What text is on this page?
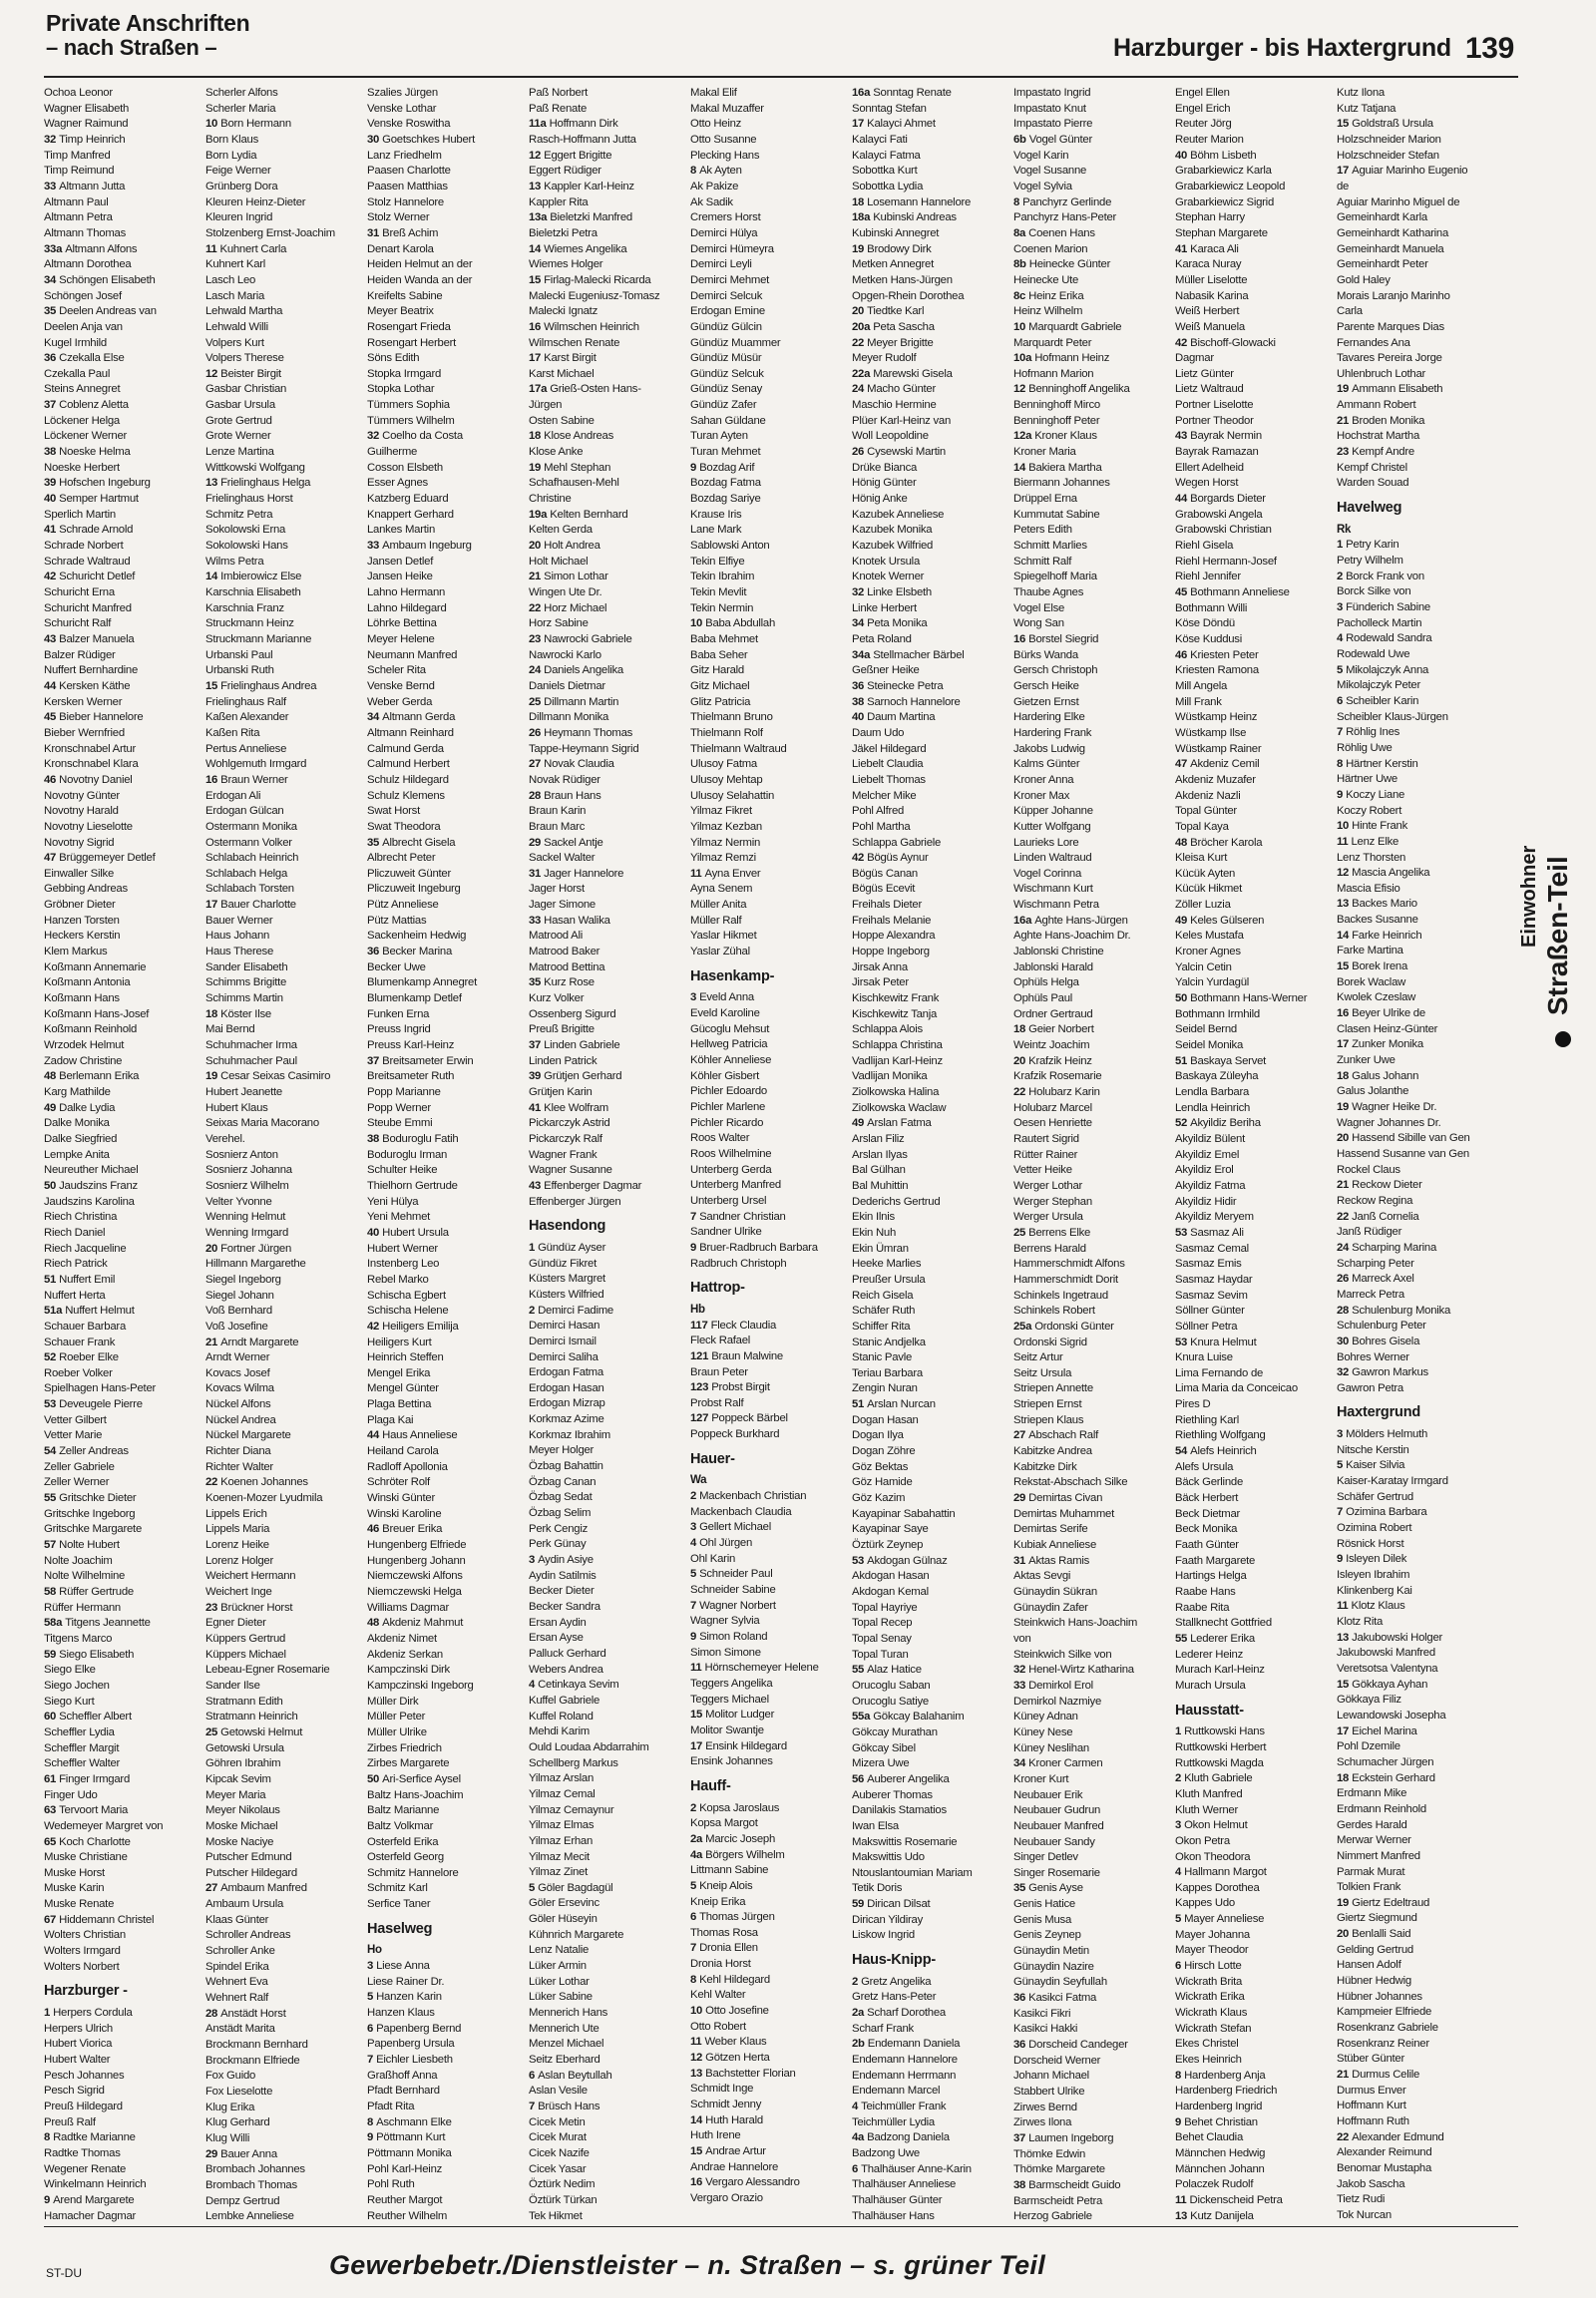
Private Anschriften
– nach Straßen –	Harzburger - bis Haxtergrund 139
Ochoa Leonor
Wagner Elisabeth
Wagner Raimund
32 Timp Heinrich
Timp Manfred
Timp Reimund
33 Altmann Jutta
Altmann Paul
Altmann Petra
Altmann Thomas
33a Altmann Alfons
Altmann Dorothea
34 Schöngen Elisabeth
Schöngen Josef
35 Deelen Andreas van
Deelen Anja van
Kugel Irmhild
36 Czekalla Else
Czekalla Paul
Steins Annegret
37 Coblenz Aletta
Löckener Helga
Löckener Werner
38 Noeske Helma
Noeske Herbert
39 Hofschen Ingeburg
40 Semper Hartmut
Sperlich Martin
41 Schrade Arnold
Schrade Norbert
Schrade Waltraud
42 Schuricht Detlef
Schuricht Erna
Schuricht Manfred
Schuricht Ralf
43 Balzer Manuela
Balzer Rüdiger
Nuffert Bernhardine
44 Kersken Käthe
Kersken Werner
45 Bieber Hannelore
Bieber Wernfried
Kronschnabel Artur
Kronschnabel Klara
46 Novotny Daniel
Novotny Günter
Novotny Harald
Novotny Lieselotte
Novotny Sigrid
47 Brüggemeyer Detlef
Einwaller Silke
Gebbing Andreas
Gröbner Dieter
Hanzen Torsten
Heckers Kerstin
Klem Markus
Koßmann Annemarie
Koßmann Antonia
Koßmann Hans
Koßmann Hans-Josef
Koßmann Reinhold
Wrzodek Helmut
Zadow Christine
48 Berlemann Erika
Karg Mathilde
49 Dalke Lydia
Dalke Monika
Dalke Siegfried
Lempke Anita
Neureuther Michael
50 Jaudszins Franz
Jaudszins Karolina
Riech Christina
Riech Daniel
Riech Jacqueline
Riech Patrick
51 Nuffert Emil
Nuffert Herta
51a Nuffert Helmut
Schauer Barbara
Schauer Frank
52 Roeber Elke
Roeber Volker
Spielhagen Hans-Peter
53 Deveugele Pierre
Vetter Gilbert
Vetter Marie
54 Zeller Andreas
Zeller Gabriele
Zeller Werner
55 Gritschke Dieter
Gritschke Ingeborg
Gritschke Margarete
57 Nolte Hubert
Nolte Joachim
Nolte Wilhelmine
58 Rüffer Gertrude
Rüffer Hermann
58a Titgens Jeannette
Titgens Marco
59 Siego Elisabeth
Siego Elke
Siego Jochen
Siego Kurt
60 Scheffler Albert
Scheffler Lydia
Scheffler Margit
Scheffler Walter
61 Finger Irmgard
Finger Udo
63 Tervoort Maria
Wedemeyer Margret von
65 Koch Charlotte
Muske Christiane
Muske Horst
Muske Karin
Muske Renate
67 Hiddemann Christel
Wolters Christian
Wolters Irmgard
Wolters Norbert
Harzburger -
1 Herpers Cordula
Herpers Ulrich
Hubert Viorica
Hubert Walter
Pesch Johannes
Pesch Sigrid
Preuß Hildegard
Preuß Ralf
8 Radtke Marianne
Radtke Thomas
Wegener Renate
Winkelmann Heinrich
9 Arend Margarete
Hamacher Dagmar
Scherler Alfons
Scherler Maria
10 Born Hermann
Born Klaus
Born Lydia
Feige Werner
Grünberg Dora
Kleuren Heinz-Dieter
Kleuren Ingrid
Stolzenberg Ernst-Joachim
11 Kuhnert Carla
Kuhnert Karl
Lasch Leo
Lasch Maria
Lehwald Martha
Lehwald Willi
Volpers Kurt
Volpers Therese
12 Beister Birgit
Gasbar Christian
Gasbar Ursula
Grote Gertrud
Grote Werner
Lenze Martina
Wittkowski Wolfgang
13 Frielinghaus Helga
Frielinghaus Horst
Schmitz Petra
Sokolowski Erna
Sokolowski Hans
Wilms Petra
14 Imbierowicz Else
Karschnia Elisabeth
Karschnia Franz
Struckmann Heinz
Struckmann Marianne
Urbanski Paul
Urbanski Ruth
15 Frielinghaus Andrea
Frielinghaus Ralf
Kaßen Alexander
Kaßen Rita
Pertus Anneliese
Wohlgemuth Irmgard
16 Braun Werner
Erdogan Ali
Erdogan Gülcan
Ostermann Monika
Ostermann Volker
Schlabach Heinrich
Schlabach Helga
Schlabach Torsten
17 Bauer Charlotte
Bauer Werner
Haus Johann
Haus Therese
Sander Elisabeth
Schimms Brigitte
Schimms Martin
18 Köster Ilse
Mai Bernd
Schuhmacher Irma
Schuhmacher Paul
19 Cesar Seixas Casimiro
Hubert Jeanette
Hubert Klaus
Seixas Maria Macorano
Verehel.
Sosnierz Anton
Sosnierz Johanna
Sosnierz Wilhelm
Velter Yvonne
Wenning Helmut
Wenning Irmgard
20 Fortner Jürgen
Hillmann Margarethe
Siegel Ingeborg
Siegel Johann
Voß Bernhard
Voß Josefine
21 Arndt Margarete
Arndt Werner
Kovacs Josef
Kovacs Wilma
Nückel Alfons
Nückel Andrea
Nückel Margarete
Richter Diana
Richter Walter
22 Koenen Johannes
Koenen-Mozer Lyudmila
Lippels Erich
Lippels Maria
Lorenz Heike
Lorenz Holger
Weichert Hermann
Weichert Inge
23 Brückner Horst
Egner Dieter
Küppers Gertrud
Küppers Michael
Lebeau-Egner Rosemarie
Sander Ilse
Stratmann Edith
Stratmann Heinrich
25 Getowski Helmut
Getowski Ursula
Göhren Ibrahim
Kipcak Sevim
Meyer Maria
Meyer Nikolaus
Moske Michael
Moske Naciye
Putscher Edmund
Putscher Hildegard
27 Ambaum Manfred
Ambaum Ursula
Klaas Günter
Schroller Andreas
Schroller Anke
Spindel Erika
Wehnert Eva
Wehnert Ralf
28 Anstädt Horst
Anstädt Marita
Brockmann Bernhard
Brockmann Elfriede
Fox Guido
Fox Lieselotte
Klug Erika
Klug Gerhard
Klug Willi
29 Bauer Anna
Brombach Johannes
Brombach Thomas
Dempz Gertrud
Lembke Anneliese
Szalies Jürgen
Venske Lothar
Venske Roswitha
30 Goetschkes Hubert
Lanz Friedhelm
Paasen Charlotte
Paasen Matthias
Stolz Hannelore
Stolz Werner
31 Breß Achim
Denart Karola
Heiden Helmut an der
Heiden Wanda an der
Kreifelts Sabine
Meyer Beatrix
Rosengart Frieda
Rosengart Herbert
Söns Edith
Stopka Irmgard
Stopka Lothar
Tümmers Sophia
Tümmers Wilhelm
32 Coelho da Costa
Guilherme
Cosson Elsbeth
Esser Agnes
Katzberg Eduard
Knappert Gerhard
Lankes Martin
33 Ambaum Ingeburg
Jansen Detlef
Jansen Heike
Lahno Hermann
Lahno Hildegard
Löhrke Bettina
Meyer Helene
Neumann Manfred
Scheler Rita
Venske Bernd
Weber Gerda
34 Altmann Gerda
Altmann Reinhard
Calmund Gerda
Calmund Herbert
Schulz Hildegard
Schulz Klemens
Swat Horst
Swat Theodora
35 Albrecht Gisela
Albrecht Peter
Pliczuweit Günter
Pliczuweit Ingeburg
Pütz Anneliese
Pütz Mattias
Sackenheim Hedwig
36 Becker Marina
Becker Uwe
Blumenkamp Annegret
Blumenkamp Detlef
Funken Erna
Preuss Ingrid
Preuss Karl-Heinz
37 Breitsameter Erwin
Breitsameter Ruth
Popp Marianne
Popp Werner
Steube Emmi
38 Boduroglu Fatih
Boduroglu Irman
Schulter Heike
Thielhorn Gertrude
Yeni Hülya
Yeni Mehmet
40 Hubert Ursula
Hubert Werner
Instenberg Leo
Rebel Marko
Schischa Egbert
Schischa Helene
42 Heiligers Emilija
Heiligers Kurt
Heinrich Steffen
Mengel Erika
Mengel Günter
Plaga Bettina
Plaga Kai
44 Haus Anneliese
Heiland Carola
Radloff Apollonia
Schröter Rolf
Winski Günter
Winski Karoline
46 Breuer Erika
Hungenberg Elfriede
Hungenberg Johann
Niemczewski Alfons
Niemczewski Helga
Williams Dagmar
48 Akdeniz Mahmut
Akdeniz Nimet
Akdeniz Serkan
Kampczinski Dirk
Kampczinski Ingeborg
Müller Dirk
Müller Peter
Müller Ulrike
Zirbes Friedrich
Zirbes Margarete
50 Ari-Serfice Aysel
Baltz Hans-Joachim
Baltz Marianne
Baltz Volkmar
Osterfeld Erika
Osterfeld Georg
Schmitz Hannelore
Schmitz Karl
Serfice Taner
Haselweg
Ho
3 Liese Anna
Liese Rainer Dr.
5 Hanzen Karin
Hanzen Klaus
6 Papenberg Bernd
Papenberg Ursula
7 Eichler Liesbeth
Graßhoff Anna
Pfadt Bernhard
Pfadt Rita
8 Aschmann Elke
9 Pöttmann Kurt
Pöttmann Monika
Pohl Karl-Heinz
Pohl Ruth
Reuther Margot
Reuther Wilhelm
Paß Norbert
Paß Renate
11a Hoffmann Dirk
Rasch-Hoffmann Jutta
12 Eggert Brigitte
Eggert Rüdiger
13 Kappler Karl-Heinz
Kappler Rita
13a Bieletzki Manfred
Bieletzki Petra
14 Wiemes Angelika
Wiemes Holger
15 Firlag-Malecki Ricarda
Malecki Eugeniusz-Tomasz
Malecki Ignatz
16 Wilmschen Heinrich
Wilmschen Renate
17 Karst Birgit
Karst Michael
17a Grieß-Osten Hans-
Jürgen
Osten Sabine
18 Klose Andreas
Klose Anke
19 Mehl Stephan
Schafhausen-Mehl
Christine
19a Kelten Bernhard
Kelten Gerda
20 Holt Andrea
Holt Michael
21 Simon Lothar
Wingen Ute Dr.
22 Horz Michael
Horz Sabine
23 Nawrocki Gabriele
Nawrocki Karlo
24 Daniels Angelika
Daniels Dietmar
25 Dillmann Martin
Dillmann Monika
26 Heymann Thomas
Tappe-Heymann Sigrid
27 Novak Claudia
Novak Rüdiger
28 Braun Hans
Braun Karin
Braun Marc
29 Sackel Antje
Sackel Walter
31 Jager Hannelore
Jager Horst
Jager Simone
33 Hasan Walika
Matrood Ali
Matrood Baker
Matrood Bettina
35 Kurz Rose
Kurz Volker
Ossenberg Sigurd
Preuß Brigitte
37 Linden Gabriele
Linden Patrick
39 Grütjen Gerhard
Grütjen Karin
41 Klee Wolfram
Pickarczyk Astrid
Pickarczyk Ralf
Wagner Frank
Wagner Susanne
43 Effenberger Dagmar
Effenberger Jürgen
Hasendong
1 Gündüz Ayser
Gündüz Fikret
Küsters Margret
Küsters Wilfried
2 Demirci Fadime
Demirci Hasan
Demirci Ismail
Demirci Saliha
Erdogan Fatma
Erdogan Hasan
Erdogan Mizrap
Korkmaz Azime
Korkmaz Ibrahim
Meyer Holger
Özbag Bahattin
Özbag Canan
Özbag Sedat
Özbag Selim
Perk Cengiz
Perk Günay
3 Aydin Asiye
Aydin Satilmis
Becker Dieter
Becker Sandra
Ersan Aydin
Ersan Ayse
Palluck Gerhard
Webers Andrea
4 Cetinkaya Sevim
Kuffel Gabriele
Kuffel Roland
Mehdi Karim
Ould Loudaa Abdarrahim
Schellberg Markus
Yilmaz Arslan
Yilmaz Cemal
Yilmaz Cemaynur
Yilmaz Elmas
Yilmaz Erhan
Yilmaz Mecit
Yilmaz Zinet
5 Göler Bagdagül
Göler Ersevinc
Göler Hüseyin
Kühnrich Margarete
Lenz Natalie
Lüker Armin
Lüker Lothar
Lüker Sabine
Mennerich Hans
Mennerich Ute
Menzel Michael
Seitz Eberhard
6 Aslan Beytullah
Aslan Vesile
7 Brüsch Hans
Cicek Metin
Cicek Murat
Cicek Nazife
Cicek Yasar
Öztürk Nedim
Öztürk Türkan
Tek Hikmet
Makal Elif
Makal Muzaffer
Otto Heinz
Otto Susanne
Plecking Hans
8 Ak Ayten
Ak Pakize
Ak Sadik
Cremers Horst
Demirci Hülya
Demirci Hümeyra
Demirci Leyli
Demirci Mehmet
Demirci Selcuk
Erdogan Emine
Gündüz Gülcin
Gündüz Muammer
Gündüz Müsür
Gündüz Selcuk
Gündüz Senay
Gündüz Zafer
Sahan Güldane
Turan Ayten
Turan Mehmet
9 Bozdag Arif
Bozdag Fatma
Bozdag Sariye
Krause Iris
Lane Mark
Sablowski Anton
Tekin Elfiye
Tekin Ibrahim
Tekin Mevlit
Tekin Nermin
10 Baba Abdullah
Baba Mehmet
Baba Seher
Gitz Harald
Gitz Michael
Glitz Patricia
Thielmann Bruno
Thielmann Rolf
Thielmann Waltraud
Ulusoy Fatma
Ulusoy Mehtap
Ulusoy Selahattin
Yilmaz Fikret
Yilmaz Kezban
Yilmaz Nermin
Yilmaz Remzi
11 Ayna Enver
Ayna Senem
Müller Anita
Müller Ralf
Yaslar Hikmet
Yaslar Zühal
Hasenkamp-
3 Eveld Anna
Eveld Karoline
Gücoglu Mehsut
Hellweg Patricia
Köhler Anneliese
Köhler Gisbert
Pichler Edoardo
Pichler Marlene
Pichler Ricardo
Roos Walter
Roos Wilhelmine
Unterberg Gerda
Unterberg Manfred
Unterberg Ursel
7 Sandner Christian
Sandner Ulrike
9 Bruer-Radbruch Barbara
Radbruch Christoph
Hattrop-
Hb
117 Fleck Claudia
Fleck Rafael
121 Braun Malwine
Braun Peter
123 Probst Birgit
Probst Ralf
127 Poppeck Bärbel
Poppeck Burkhard
Hauer-
Wa
2 Mackenbach Christian
Mackenbach Claudia
3 Gellert Michael
4 Ohl Jürgen
Ohl Karin
5 Schneider Paul
Schneider Sabine
7 Wagner Norbert
Wagner Sylvia
9 Simon Roland
Simon Simone
11 Hörnschemeyer Helene
Teggers Angelika
Teggers Michael
15 Molitor Ludger
Molitor Swantje
17 Ensink Hildegard
Ensink Johannes
Hauff-
2 Kopsa Jaroslaus
Kopsa Margot
2a Marcic Joseph
4a Börgers Wilhelm
Littmann Sabine
5 Kneip Alois
Kneip Erika
6 Thomas Jürgen
Thomas Rosa
7 Dronia Ellen
Dronia Horst
8 Kehl Hildegard
Kehl Walter
10 Otto Josefine
Otto Robert
11 Weber Klaus
12 Götzen Herta
13 Bachstetter Florian
Schmidt Inge
Schmidt Jenny
14 Huth Harald
Huth Irene
15 Andrae Artur
Andrae Hannelore
16 Vergaro Alessandro
Vergaro Orazio
16a Sonntag Renate
Sonntag Stefan
17 Kalayci Ahmet
Kalayci Fati
Kalayci Fatma
Sobottka Kurt
Sobottka Lydia
18 Losemann Hannelore
18a Kubinski Andreas
Kubinski Annegret
19 Brodowy Dirk
Metken Annegret
Metken Hans-Jürgen
Opgen-Rhein Dorothea
20 Tiedtke Karl
20a Peta Sascha
22 Meyer Brigitte
Meyer Rudolf
22a Marewski Gisela
24 Macho Günter
Maschio Hermine
Plüer Karl-Heinz van
Woll Leopoldine
26 Cysewski Martin
Drüke Bianca
Hönig Günter
Hönig Anke
Kazubek Anneliese
Kazubek Monika
Kazubek Wilfried
Knotek Ursula
Knotek Werner
32 Linke Elsbeth
Linke Herbert
34 Peta Monika
Peta Roland
34a Stellmacher Bärbel
Geßner Heike
36 Steinecke Petra
38 Sarnoch Hannelore
40 Daum Martina
Daum Udo
Jäkel Hildegard
Liebelt Claudia
Liebelt Thomas
Melcher Mike
Pohl Alfred
Pohl Martha
Schlappa Gabriele
42 Bögüs Aynur
Bögüs Canan
Bögüs Ecevit
Freihals Dieter
Freihals Melanie
Hoppe Alexandra
Hoppe Ingeborg
Jirsak Anna
Jirsak Peter
Kischkewitz Frank
Kischkewitz Tanja
Schlappa Alois
Schlappa Christina
Vadlijan Karl-Heinz
Vadlijan Monika
Ziolkowska Halina
Ziolkowska Waclaw
49 Arslan Fatma
Arslan Filiz
Arslan Ilyas
Bal Gülhan
Bal Muhittin
Dederichs Gertrud
Ekin Ilnis
Ekin Nuh
Ekin Ümran
Heeke Marlies
Preußer Ursula
Reich Gisela
Schäfer Ruth
Schiffer Rita
Stanic Andjelka
Stanic Pavle
Teriau Barbara
Zengin Nuran
51 Arslan Nurcan
Dogan Hasan
Dogan Ilya
Dogan Zöhre
Göz Bektas
Göz Hamide
Göz Kazim
Kayapinar Sabahattin
Kayapinar Saye
Öztürk Zeynep
53 Akdogan Gülnaz
Akdogan Hasan
Akdogan Kemal
Topal Hayriye
Topal Recep
Topal Senay
Topal Turan
55 Alaz Hatice
Orucoglu Saban
Orucoglu Satiye
55a Gökcay Balahanim
Gökcay Murathan
Gökcay Sibel
Mizera Uwe
56 Auberer Angelika
Auberer Thomas
Danilakis Stamatios
Iwan Elsa
Makswittis Rosemarie
Makswittis Udo
Ntouslantoumian Mariam
Tetik Doris
59 Dirican Dilsat
Dirican Yildiray
Liskow Ingrid
Haus-Knipp-
2 Gretz Angelika
Gretz Hans-Peter
2a Scharf Dorothea
Scharf Frank
2b Endemann Daniela
Endemann Hannelore
Endemann Herrmann
Endemann Marcel
4 Teichmüller Frank
Teichmüller Lydia
4a Badzong Daniela
Badzong Uwe
6 Thalhäuser Anne-Karin
Thalhäuser Anneliese
Thalhäuser Günter
Thalhäuser Hans
Impastato Ingrid
Impastato Knut
Impastato Pierre
6b Vogel Günter
Vogel Karin
Vogel Susanne
Vogel Sylvia
8 Panchyrz Gerlinde
Panchyrz Hans-Peter
8a Coenen Hans
Coenen Marion
8b Heinecke Günter
Heinecke Ute
8c Heinz Erika
Heinz Wilhelm
10 Marquardt Gabriele
Marquardt Peter
10a Hofmann Heinz
Hofmann Marion
12 Benninghoff Angelika
Benninghoff Mirco
Benninghoff Peter
12a Kroner Klaus
Kroner Maria
14 Bakiera Martha
Biermann Johannes
Drüppel Erna
Kummutat Sabine
Peters Edith
Schmitt Marlies
Schmitt Ralf
Spiegelhoff Maria
Thaube Agnes
Vogel Else
Wong San
16 Borstel Siegrid
Bürks Wanda
Gersch Christoph
Gersch Heike
Gietzen Ernst
Hardering Elke
Hardering Frank
Jakobs Ludwig
Kalms Günter
Kroner Anna
Kroner Max
Küpper Johanne
Kutter Wolfgang
Laurieks Lore
Linden Waltraud
Vogel Corinna
Wischmann Kurt
Wischmann Petra
16a Aghte Hans-Jürgen
Aghte Hans-Joachim Dr.
Jablonski Christine
Jablonski Harald
Ophüls Helga
Ophüls Paul
Ordner Gertraud
18 Geier Norbert
Weintz Joachim
20 Krafzik Heinz
Krafzik Rosemarie
22 Holubarz Karin
Holubarz Marcel
Oesen Henriette
Rautert Sigrid
Rütter Rainer
Vetter Heike
Werger Lothar
Werger Stephan
Werger Ursula
25 Berrens Elke
Berrens Harald
Hammerschmidt Alfons
Hammerschmidt Dorit
Schinkels Ingetraud
Schinkels Robert
25a Ordonski Günter
Ordonski Sigrid
Seitz Artur
Seitz Ursula
Striepen Annette
Striepen Ernst
Striepen Klaus
27 Abschach Ralf
Kabitzke Andrea
Kabitzke Dirk
Rekstat-Abschach Silke
29 Demirtas Civan
Demirtas Muhammet
Demirtas Serife
Kubiak Anneliese
31 Aktas Ramis
Aktas Sevgi
Günaydin Sükran
Günaydin Zafer
Steinkwich Hans-Joachim
von
Steinkwich Silke von
32 Henel-Wirtz Katharina
33 Demirkol Erol
Demirkol Nazmiye
Küney Adnan
Küney Nese
Küney Neslihan
34 Kroner Carmen
Kroner Kurt
Neubauer Erik
Neubauer Gudrun
Neubauer Manfred
Neubauer Sandy
Singer Detlev
Singer Rosemarie
35 Genis Ayse
Genis Hatice
Genis Musa
Genis Zeynep
Günaydin Metin
Günaydin Nazire
Günaydin Seyfullah
36 Kasikci Fatma
Kasikci Fikri
Kasikci Hakki
36 Dorscheid Candeger
Dorscheid Werner
Johann Michael
Stabbert Ulrike
Zirwes Bernd
Zirwes Ilona
37 Laumen Ingeborg
Thömke Edwin
Thömke Margarete
38 Barmscheidt Guido
Barmscheidt Petra
Herzog Gabriele
Engel Ellen
Engel Erich
Reuter Jörg
Reuter Marion
40 Böhm Lisbeth
Grabarkiewicz Karla
Grabarkiewicz Leopold
Grabarkiewicz Sigrid
Stephan Harry
Stephan Margarete
41 Karaca Ali
Karaca Nuray
Müller Liselotte
Nabasik Karina
Weiß Herbert
Weiß Manuela
42 Bischoff-Glowacki
Dagmar
Lietz Günter
Lietz Waltraud
Portner Liselotte
Portner Theodor
43 Bayrak Nermin
Bayrak Ramazan
Ellert Adelheid
Wegen Horst
44 Borgards Dieter
Grabowski Angela
Grabowski Christian
Riehl Gisela
Riehl Hermann-Josef
Riehl Jennifer
45 Bothmann Anneliese
Bothmann Willi
Köse Döndü
Köse Kuddusi
46 Kriesten Peter
Kriesten Ramona
Mill Angela
Mill Frank
Wüstkamp Heinz
Wüstkamp Ilse
Wüstkamp Rainer
47 Akdeniz Cemil
Akdeniz Muzafer
Akdeniz Nazli
Topal Günter
Topal Kaya
48 Bröcher Karola
Kleisa Kurt
Kücük Ayten
Kücük Hikmet
Zöller Luzia
49 Keles Gülseren
Keles Mustafa
Kroner Agnes
Yalcin Cetin
Yalcin Yurdagül
50 Bothmann Hans-Werner
Bothmann Irmhild
Seidel Bernd
Seidel Monika
51 Baskaya Servet
Baskaya Züleyha
Lendla Barbara
Lendla Heinrich
52 Akyildiz Beriha
Akyildiz Bülent
Akyildiz Emel
Akyildiz Erol
Akyildiz Fatma
Akyildiz Hidir
Akyildiz Meryem
53 Sasmaz Ali
Sasmaz Cemal
Sasmaz Emis
Sasmaz Haydar
Sasmaz Sevim
Söllner Günter
Söllner Petra
53 Knura Helmut
Knura Luise
Lima Fernando de
Lima Maria da Conceicao
Pires D
Riethling Karl
Riethling Wolfgang
54 Alefs Heinrich
Alefs Ursula
Bäck Gerlinde
Bäck Herbert
Beck Dietmar
Beck Monika
Faath Günter
Faath Margarete
Hartings Helga
Raabe Hans
Raabe Rita
Stallknecht Gottfried
55 Lederer Erika
Lederer Heinz
Murach Karl-Heinz
Murach Ursula
Hausstatt-
1 Ruttkowski Hans
Ruttkowski Herbert
Ruttkowski Magda
2 Kluth Gabriele
Kluth Manfred
Kluth Werner
3 Okon Helmut
Okon Petra
Okon Theodora
4 Hallmann Margot
Kappes Dorothea
Kappes Udo
5 Mayer Anneliese
Mayer Johanna
Mayer Theodor
6 Hirsch Lotte
Wickrath Brita
Wickrath Erika
Wickrath Klaus
Wickrath Stefan
Ekes Christel
Ekes Heinrich
8 Hardenberg Anja
Hardenberg Friedrich
Hardenberg Ingrid
9 Behet Christian
Behet Claudia
Männchen Hedwig
Männchen Johann
Polaczek Rudolf
11 Dickenscheid Petra
13 Kutz Danijela
Kutz Ilona
Kutz Tatjana
15 Goldstraß Ursula
Holzschneider Marion
Holzschneider Stefan
17 Aguiar Marinho Eugenio
de
Aguiar Marinho Miguel de
Gemeinhardt Karla
Gemeinhardt Katharina
Gemeinhardt Manuela
Gemeinhardt Peter
Gold Haley
Morais Laranjo Marinho
Carla
Parente Marques Dias
Fernandes Ana
Tavares Pereira Jorge
Uhlenbruch Lothar
19 Ammann Elisabeth
Ammann Robert
21 Broden Monika
Hochstrat Martha
23 Kempf Andre
Kempf Christel
Warden Souad
Havelweg
Rk
1 Petry Karin
Petry Wilhelm
2 Borck Frank von
Borck Silke von
3 Fünderich Sabine
Pacholleck Martin
4 Rodewald Sandra
Rodewald Uwe
5 Mikolajczyk Anna
Mikolajczyk Peter
6 Scheibler Karin
Scheibler Klaus-Jürgen
7 Röhlig Ines
Röhlig Uwe
8 Härtner Kerstin
Härtner Uwe
9 Koczy Liane
Koczy Robert
10 Hinte Frank
11 Lenz Elke
Lenz Thorsten
12 Mascia Angelika
Mascia Efisio
13 Backes Mario
Backes Susanne
14 Farke Heinrich
Farke Martina
15 Borek Irena
Borek Waclaw
Kwolek Czeslaw
16 Beyer Ulrike de
Clasen Heinz-Günter
17 Zunker Monika
Zunker Uwe
18 Galus Johann
Galus Jolanthe
19 Wagner Heike Dr.
Wagner Johannes Dr.
20 Hassend Sibille van Gen
Hassend Susanne van Gen
Rockel Claus
21 Reckow Dieter
Reckow Regina
22 Janß Cornelia
Janß Rüdiger
24 Scharping Marina
Scharping Peter
26 Marreck Axel
Marreck Petra
28 Schulenburg Monika
Schulenburg Peter
30 Bohres Gisela
Bohres Werner
32 Gawron Markus
Gawron Petra
Haxtergrund
3 Mölders Helmuth
Nitsche Kerstin
5 Kaiser Silvia
Kaiser-Karatay Irmgard
Schäfer Gertrud
7 Ozimina Barbara
Ozimina Robert
Rösnick Horst
9 Isleyen Dilek
Isleyen Ibrahim
Klinkenberg Kai
11 Klotz Klaus
Klotz Rita
13 Jakubowski Holger
Jakubowski Manfred
Veretsotsa Valentyna
15 Gökkaya Ayhan
Gökkaya Filiz
Lewandowski Josepha
17 Eichel Marina
Pohl Dzemile
Schumacher Jürgen
18 Eckstein Gerhard
Erdmann Mike
Erdmann Reinhold
Gerdes Harald
Merwar Werner
Nimmert Manfred
Parmak Murat
Tolkien Frank
19 Giertz Edeltraud
Giertz Siegmund
20 Benlalli Said
Gelding Gertrud
Hansen Adolf
Hübner Hedwig
Hübner Johannes
Kampmeier Elfriede
Rosenkranz Gabriele
Rosenkranz Reiner
Stüber Günter
21 Durmus Celile
Durmus Enver
Hoffmann Kurt
Hoffmann Ruth
22 Alexander Edmund
Alexander Reimund
Benomar Mustapha
Jakob Sascha
Tietz Rudi
Tok Nurcan
Straßen-Teil
Einwohner
ST-DU	Gewerbebetr./Dienstleister – n. Straßen – s. grüner Teil
